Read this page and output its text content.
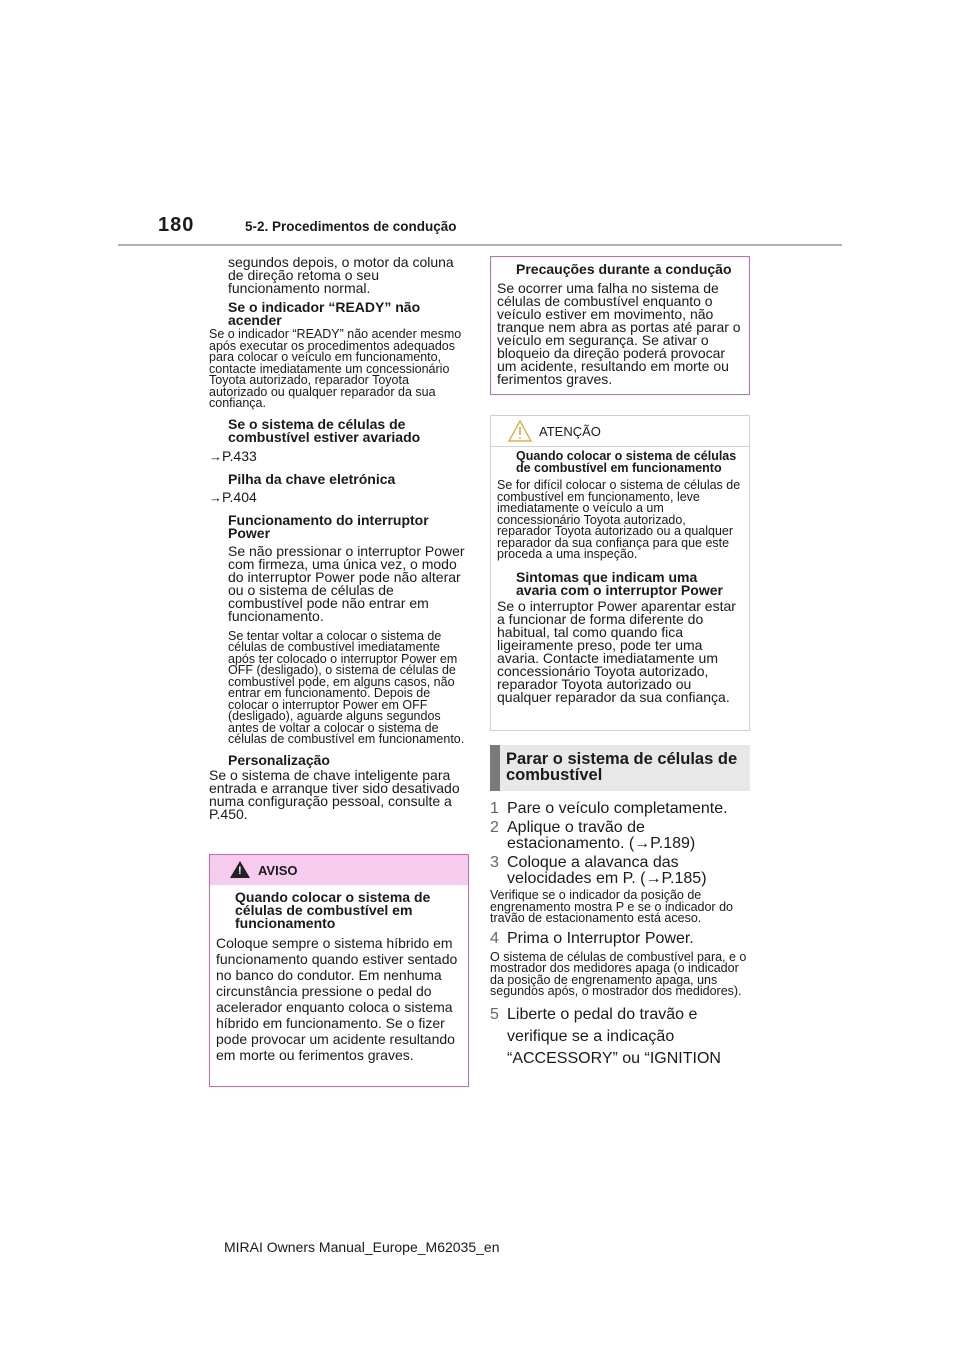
180	5-2. Procedimentos de condução

segundos depois, o motor da coluna de direção retoma o seu funcionamento normal.

Se o indicador “READY” não acender

Se o indicador “READY” não acender mesmo após executar os procedimentos adequados para colocar o veículo em funcionamento, contacte imediatamente um concessionário Toyota autorizado, reparador Toyota autorizado ou qualquer reparador da sua confiança.

Se o sistema de células de combustível estiver avariado

→P.433

Pilha da chave eletrónica

→P.404

Funcionamento do interruptor Power

Se não pressionar o interruptor Power com firmeza, uma única vez, o modo do interruptor Power pode não alterar ou o sistema de células de combustível pode não entrar em funcionamento.

Se tentar voltar a colocar o sistema de células de combustível imediatamente após ter colocado o interruptor Power em OFF (desligado), o sistema de células de combustível pode, em alguns casos, não entrar em funcionamento. Depois de colocar o interruptor Power em OFF (desligado), aguarde alguns segundos antes de voltar a colocar o sistema de células de combustível em funcionamento.

Personalização

Se o sistema de chave inteligente para entrada e arranque tiver sido desativado numa configuração pessoal, consulte a P.450.

! AVISO

Quando colocar o sistema de células de combustível em funcionamento

Coloque sempre o sistema híbrido em funcionamento quando estiver sentado no banco do condutor. Em nenhuma circunstância pressione o pedal do acelerador enquanto coloca o sistema híbrido em funcionamento. Se o fizer pode provocar um acidente resultando em morte ou ferimentos graves.

Precauções durante a condução

Se ocorrer uma falha no sistema de células de combustível enquanto o veículo estiver em movimento, não tranque nem abra as portas até parar o veículo em segurança. Se ativar o bloqueio da direção poderá provocar um acidente, resultando em morte ou ferimentos graves.

ATENÇÃO

Quando colocar o sistema de células de combustível em funcionamento

Se for difícil colocar o sistema de células de combustível em funcionamento, leve imediatamente o veículo a um concessionário Toyota autorizado, reparador Toyota autorizado ou a qualquer reparador da sua confiança para que este proceda a uma inspeção.

Sintomas que indicam uma avaria com o interruptor Power

Se o interruptor Power aparentar estar a funcionar de forma diferente do habitual, tal como quando fica ligeiramente preso, pode ter uma avaria. Contacte imediatamente um concessionário Toyota autorizado, reparador Toyota autorizado ou qualquer reparador da sua confiança.

Parar o sistema de células de combustível
1 Pare o veículo completamente.
2 Aplique o travão de estacionamento. (→P.189)
3 Coloque a alavanca das velocidades em P. (→P.185)

Verifique se o indicador da posição de engrenamento mostra P e se o indicador do travão de estacionamento está aceso.

4 Prima o Interruptor Power.

O sistema de células de combustível para, e o mostrador dos medidores apaga (o indicador da posição de engrenamento apaga, uns segundos após, o mostrador dos medidores).

5 Liberte o pedal do travão e verifique se a indicação “ACCESSORY” ou “IGNITION
MIRAI Owners Manual_Europe_M62035_en
